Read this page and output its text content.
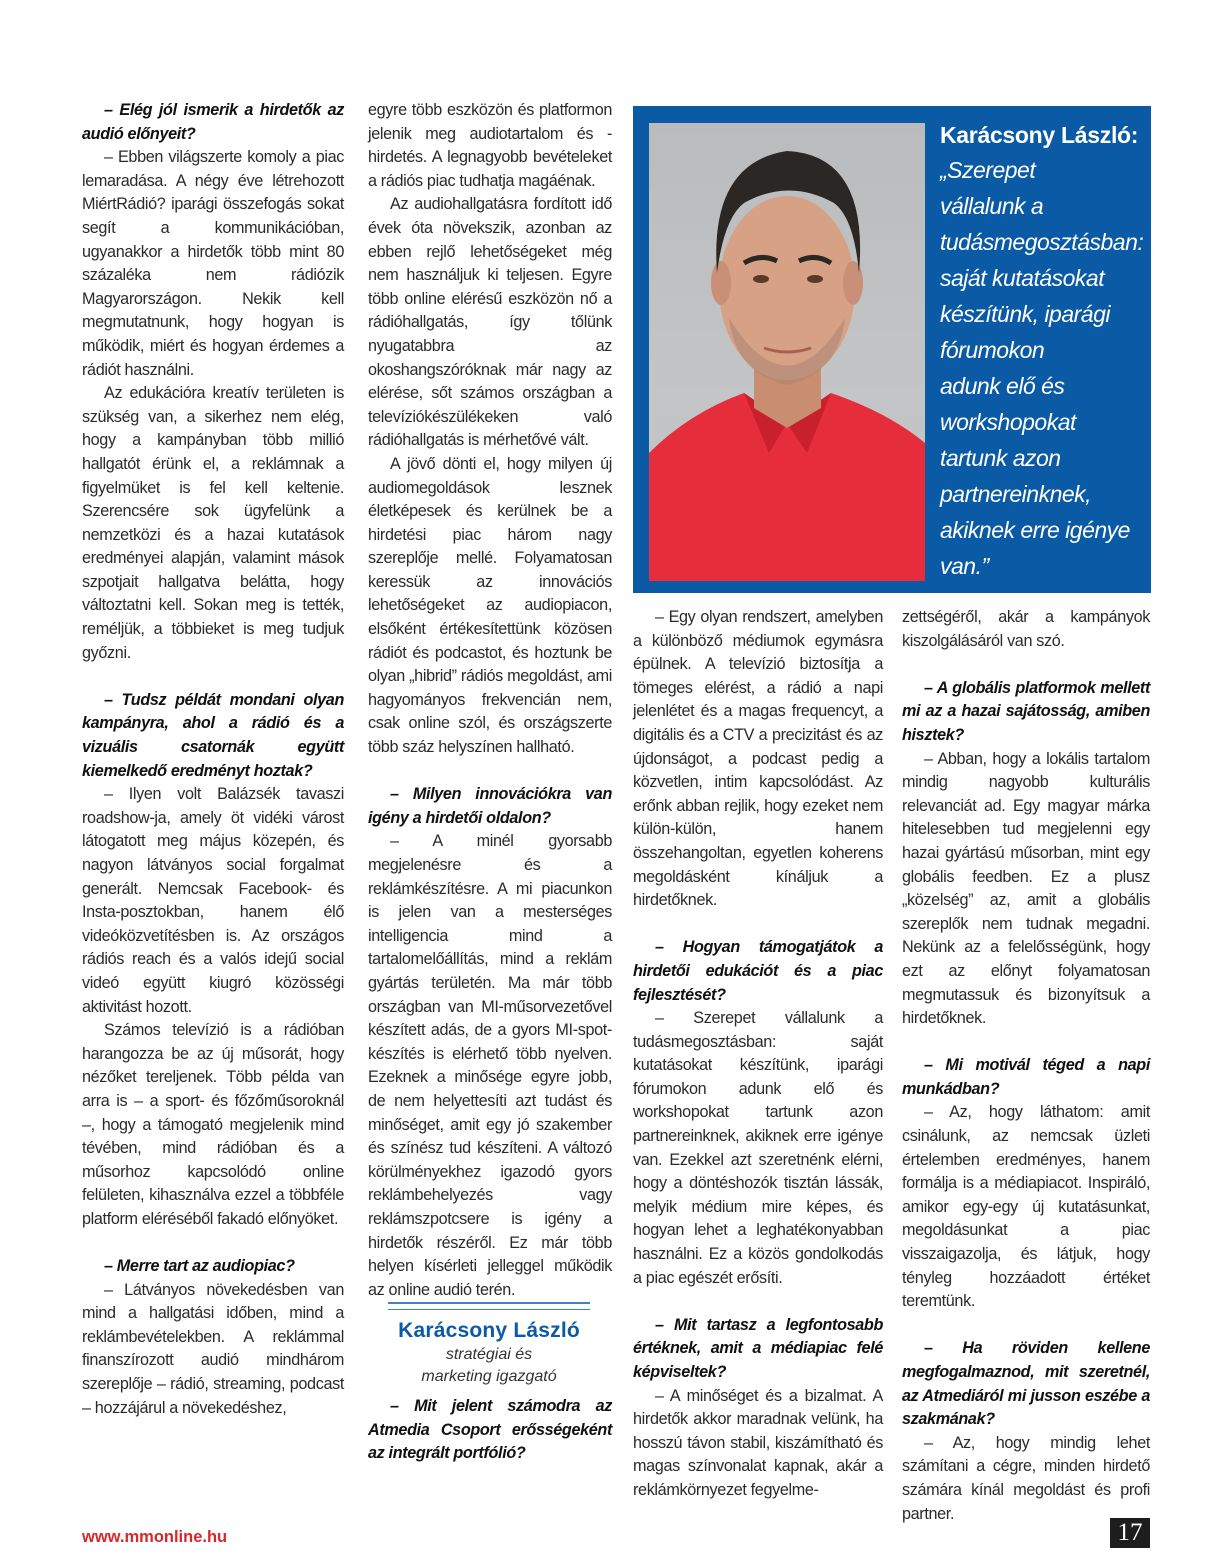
– Elég jól ismerik a hirdetők az audió előnyeit?

– Ebben világszerte komoly a piac lemaradása. A négy éve létrehozott MiértRádió? iparági összefogás sokat segít a kommunikációban, ugyanakkor a hirdetők több mint 80 százaléka nem rádiózik Magyarországon. Nekik kell megmutatnunk, hogy hogyan is működik, miért és hogyan érdemes a rádiót használni.

Az edukációra kreatív területen is szükség van, a sikerhez nem elég, hogy a kampányban több millió hallgatót érünk el, a reklámnak a figyelmüket is fel kell keltenie. Szerencsére sok ügyfelünk a nemzetközi és a hazai kutatások eredményei alapján, valamint mások szpotjait hallgatva belátta, hogy változtatni kell. Sokan meg is tették, reméljük, a többieket is meg tudjuk győzni.

– Tudsz példát mondani olyan kampányra, ahol a rádió és a vizuális csatornák együtt kiemelkedő eredményt hoztak?

– Ilyen volt Balázsék tavaszi roadshow-ja, amely öt vidéki várost látogatott meg május közepén, és nagyon látványos social forgalmat generált. Nemcsak Facebook- és Insta-posztokban, hanem élő videóközvetítésben is. Az országos rádiós reach és a valós idejű social videó együtt kiugró közösségi aktivitást hozott.

Számos televízió is a rádióban harangozza be az új műsorát, hogy nézőket tereljenek. Több példa van arra is – a sport- és főzőműsoroknál –, hogy a támogató megjelenik mind tévében, mind rádióban és a műsorhoz kapcsolódó online felületen, kihasználva ezzel a többféle platform eléréséből fakadó előnyöket.

– Merre tart az audiopiac?

– Látványos növekedésben van mind a hallgatási időben, mind a reklámbevételekben. A reklámmal finanszírozott audió mindhárom szereplője – rádió, streaming, podcast – hozzájárul a növekedéshez,

egyre több eszközön és platformon jelenik meg audiotartalom és -hirdetés. A legnagyobb bevételeket a rádiós piac tudhatja magáénak.

Az audiohallgatásra fordított idő évek óta növekszik, azonban az ebben rejlő lehetőségeket még nem használjuk ki teljesen. Egyre több online elérésű eszközön nő a rádióhallgatás, így tőlünk nyugatabbra az okoshangszóróknak már nagy az elérése, sőt számos országban a televíziókészülékeken való rádióhallgatás is mérhetővé vált.

A jövő dönti el, hogy milyen új audiomegoldások lesznek életképesek és kerülnek be a hirdetési piac három nagy szereplője mellé. Folyamatosan keressük az innovációs lehetőségeket az audiopiacon, elsőként értékesítettünk közösen rádiót és podcastot, és hoztunk be olyan „hibrid” rádiós megoldást, ami hagyományos frekvencián nem, csak online szól, és országszerte több száz helyszínen hallható.

– Milyen innovációkra van igény a hirdetői oldalon?

– A minél gyorsabb megjelenésre és a reklámkészítésre. A mi piacunkon is jelen van a mesterséges intelligencia mind a tartalomelőállítás, mind a reklám gyártás területén. Ma már több országban van MI-műsorvezetővel készített adás, de a gyors MI-spot-készítés is elérhető több nyelven. Ezeknek a minősége egyre jobb, de nem helyettesíti azt tudást és minőséget, amit egy jó szakember és színész tud készíteni. A változó körülményekhez igazodó gyors reklámbehelyezés vagy reklámszpotcsere is igény a hirdetők részéről. Ez már több helyen kísérleti jelleggel működik az online audió terén.

– Egy olyan rendszert, amelyben a különböző médiumok egymásra épülnek. A televízió biztosítja a tömeges elérést, a rádió a napi jelenlétet és a magas frequencyt, a digitális és a CTV a precizitást és az újdonságot, a podcast pedig a közvetlen, intim kapcsolódást. Az erőnk abban rejlik, hogy ezeket nem külön-külön, hanem összehangoltan, egyetlen koherens megoldásként kínáljuk a hirdetőknek.

– Hogyan támogatjátok a hirdetői edukációt és a piac fejlesztését?

– Szerepet vállalunk a tudásmegosztásban: saját kutatásokat készítünk, iparági fórumokon adunk elő és workshopokat tartunk azon partnereinknek, akiknek erre igénye van. Ezekkel azt szeretnénk elérni, hogy a döntéshozók tisztán lássák, melyik médium mire képes, és hogyan lehet a leghatékonyabban használni. Ez a közös gondolkodás a piac egészét erősíti.

– Mit tartasz a legfontosabb értéknek, amit a médiapiac felé képviseltek?

– A minőséget és a bizalmat. A hirdetők akkor maradnak velünk, ha hosszú távon stabil, kiszámítható és magas színvonalat kapnak, akár a reklámkörnyezet fegyelme-

zettségéről, akár a kampányok kiszolgálásáról van szó.

– A globális platformok mellett mi az a hazai sajátosság, amiben hisztek?

– Abban, hogy a lokális tartalom mindig nagyobb kulturális relevanciát ad. Egy magyar márka hitelesebben tud megjelenni egy hazai gyártású műsorban, mint egy globális feedben. Ez a plusz „közelség” az, amit a globális szereplők nem tudnak megadni. Nekünk az a felelősségünk, hogy ezt az előnyt folyamatosan megmutassuk és bizonyítsuk a hirdetőknek.

– Mi motivál téged a napi munkádban?

– Az, hogy láthatom: amit csinálunk, az nemcsak üzleti értelemben eredményes, hanem formálja is a médiapiacot. Inspiráló, amikor egy-egy új kutatásunkat, megoldásunkat a piac visszaigazolja, és látjuk, hogy tényleg hozzáadott értéket teremtünk.

– Ha röviden kellene megfogalmaznod, mit szeretnél, az Atmediáról mi jusson eszébe a szakmának?

– Az, hogy mindig lehet számítani a cégre, minden hirdető számára kínál megoldást és profi partner.

Karácsony László:
„Szerepet
vállalunk a
tudásmegosztásban:
saját kutatásokat
készítünk, iparági
fórumokon
adunk elő és
workshopokat
tartunk azon
partnereinknek,
akiknek erre igénye
van.”
Karácsony László
stratégiai és
marketing igazgató

– Mit jelent számodra az Atmedia Csoport erősségeként az integrált portfólió?

www.mmonline.hu	17
